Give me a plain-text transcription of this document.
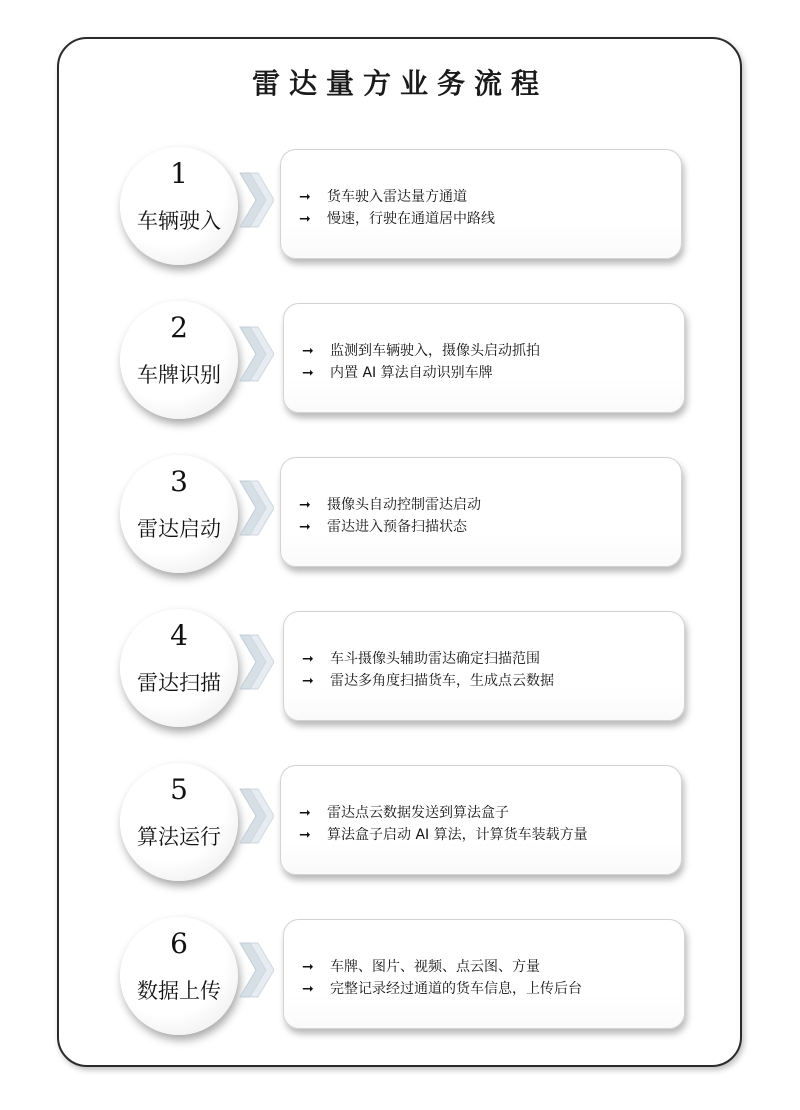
雷达量方业务流程
1
车辆驶入
➞ 货车驶入雷达量方通道
➞ 慢速，行驶在通道居中路线
2
车牌识别
➞ 监测到车辆驶入，摄像头启动抓拍
➞ 内置 AI 算法自动识别车牌
3
雷达启动
➞ 摄像头自动控制雷达启动
➞ 雷达进入预备扫描状态
4
雷达扫描
➞ 车斗摄像头辅助雷达确定扫描范围
➞ 雷达多角度扫描货车，生成点云数据
5
算法运行
➞ 雷达点云数据发送到算法盒子
➞ 算法盒子启动 AI 算法，计算货车装载方量
6
数据上传
➞ 车牌、图片、视频、点云图、方量
➞ 完整记录经过通道的货车信息，上传后台
